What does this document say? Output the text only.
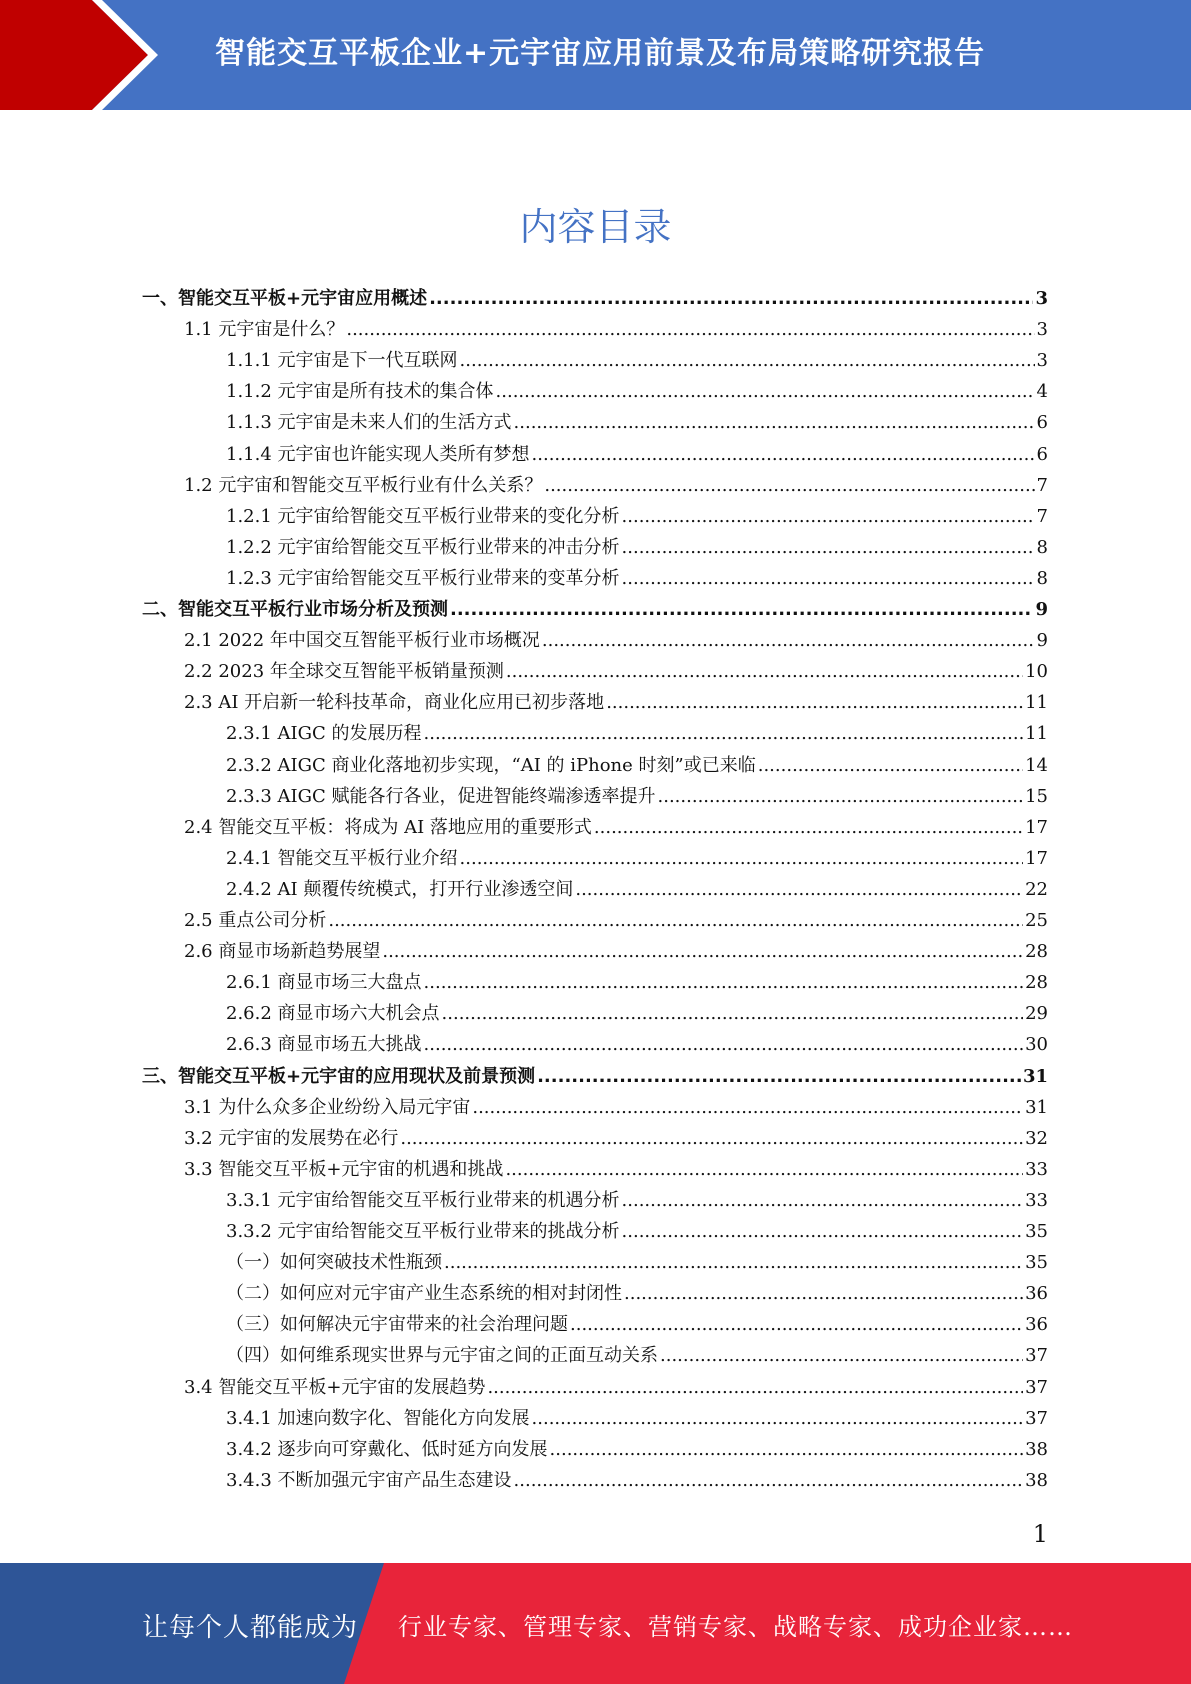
智能交互平板企业+元宇宙应用前景及布局策略研究报告
内容目录
一、智能交互平板+元宇宙应用概述 .....	3
1.1 元宇宙是什么？ .....	3
1.1.1 元宇宙是下一代互联网 .....	3
1.1.2 元宇宙是所有技术的集合体 .....	4
1.1.3 元宇宙是未来人们的生活方式 .....	6
1.1.4 元宇宙也许能实现人类所有梦想 .....	6
1.2 元宇宙和智能交互平板行业有什么关系？ .....	7
1.2.1 元宇宙给智能交互平板行业带来的变化分析 .....	7
1.2.2 元宇宙给智能交互平板行业带来的冲击分析 .....	8
1.2.3 元宇宙给智能交互平板行业带来的变革分析 .....	8
二、智能交互平板行业市场分析及预测 .....	9
2.1 2022 年中国交互智能平板行业市场概况 .....	9
2.2 2023 年全球交互智能平板销量预测 .....	10
2.3 AI 开启新一轮科技革命，商业化应用已初步落地 .....	11
2.3.1 AIGC 的发展历程 .....	11
2.3.2 AIGC 商业化落地初步实现，“AI 的 iPhone 时刻”或已来临 .....	14
2.3.3 AIGC 赋能各行各业，促进智能终端渗透率提升 .....	15
2.4 智能交互平板：将成为 AI 落地应用的重要形式 .....	17
2.4.1 智能交互平板行业介绍 .....	17
2.4.2 AI 颠覆传统模式，打开行业渗透空间 .....	22
2.5 重点公司分析 .....	25
2.6 商显市场新趋势展望 .....	28
2.6.1 商显市场三大盘点 .....	28
2.6.2 商显市场六大机会点 .....	29
2.6.3 商显市场五大挑战 .....	30
三、智能交互平板+元宇宙的应用现状及前景预测 .....	31
3.1 为什么众多企业纷纷入局元宇宙 .....	31
3.2 元宇宙的发展势在必行 .....	32
3.3 智能交互平板+元宇宙的机遇和挑战 .....	33
3.3.1 元宇宙给智能交互平板行业带来的机遇分析 .....	33
3.3.2 元宇宙给智能交互平板行业带来的挑战分析 .....	35
（一）如何突破技术性瓶颈 .....	35
（二）如何应对元宇宙产业生态系统的相对封闭性 .....	36
（三）如何解决元宇宙带来的社会治理问题 .....	36
（四）如何维系现实世界与元宇宙之间的正面互动关系 .....	37
3.4 智能交互平板+元宇宙的发展趋势 .....	37
3.4.1 加速向数字化、智能化方向发展 .....	37
3.4.2 逐步向可穿戴化、低时延方向发展 .....	38
3.4.3 不断加强元宇宙产品生态建设 .....	38
1
让每个人都能成为 行业专家、管理专家、营销专家、战略专家、成功企业家……
